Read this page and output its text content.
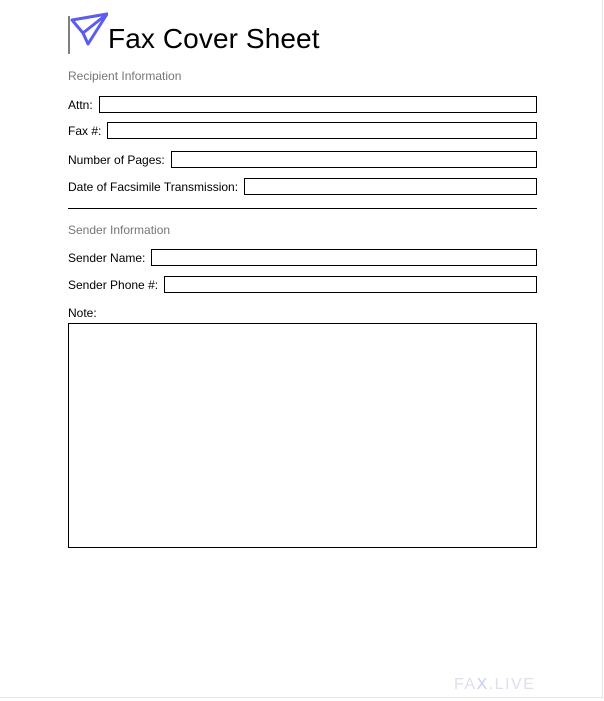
Fax Cover Sheet
Recipient Information
Attn:
Fax #:
Number of Pages:
Date of Facsimile Transmission:
Sender Information
Sender Name:
Sender Phone #:
Note:
FAX.LIVE
